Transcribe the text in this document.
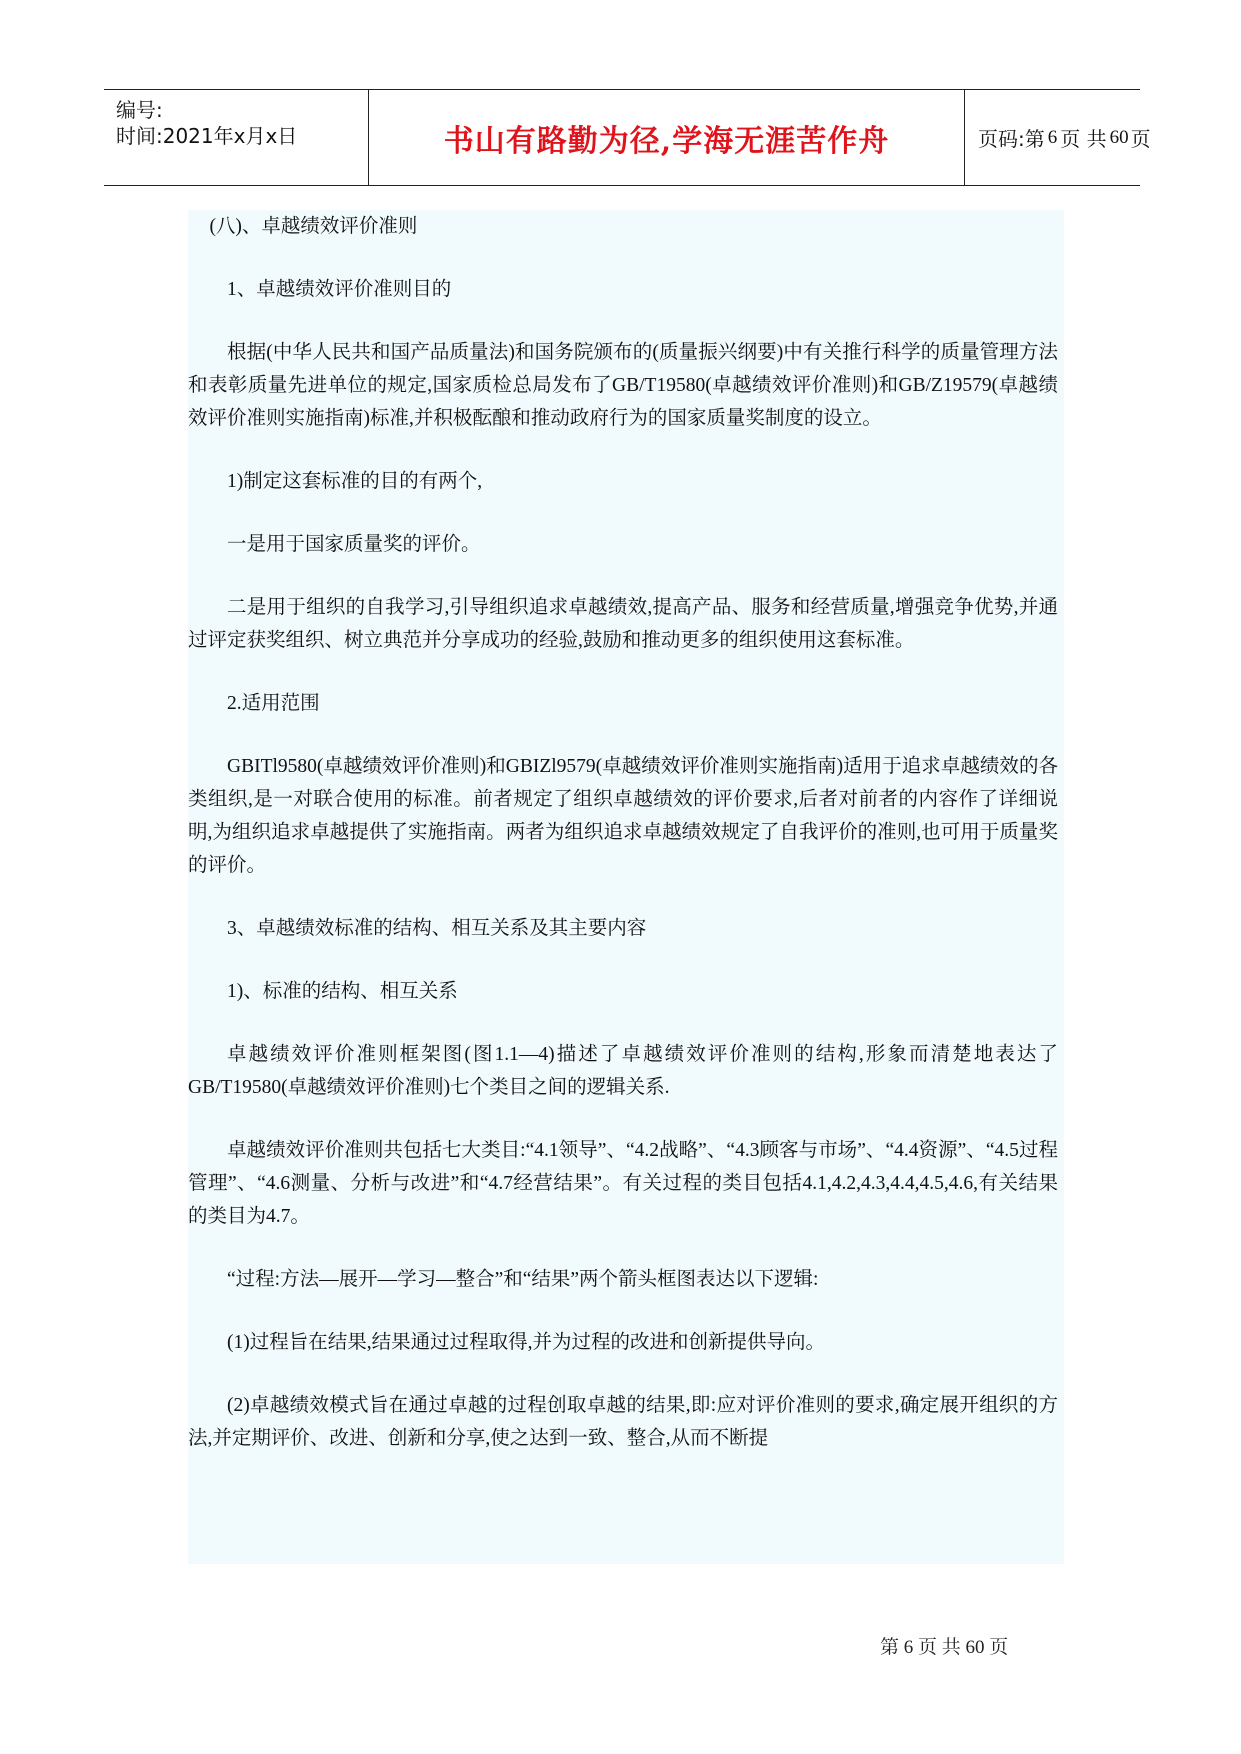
编号:
时间:2021年x月x日	书山有路勤为径,学海无涯苦作舟	页码:第 6 页 共 60 页

(八)、卓越绩效评价准则

1、卓越绩效评价准则目的

根据(中华人民共和国产品质量法)和国务院颁布的(质量振兴纲要)中有关推行科学的质量管理方法和表彰质量先进单位的规定,国家质检总局发布了GB/T19580(卓越绩效评价准则)和GB/Z19579(卓越绩效评价准则实施指南)标准,并积极酝酿和推动政府行为的国家质量奖制度的设立。

1)制定这套标准的目的有两个,

一是用于国家质量奖的评价。

二是用于组织的自我学习,引导组织追求卓越绩效,提高产品、服务和经营质量,增强竞争优势,并通过评定获奖组织、树立典范并分享成功的经验,鼓励和推动更多的组织使用这套标准。

2.适用范围

GBITl9580(卓越绩效评价准则)和GBIZl9579(卓越绩效评价准则实施指南)适用于追求卓越绩效的各类组织,是一对联合使用的标准。前者规定了组织卓越绩效的评价要求,后者对前者的内容作了详细说明,为组织追求卓越提供了实施指南。两者为组织追求卓越绩效规定了自我评价的准则,也可用于质量奖的评价。

3、卓越绩效标准的结构、相互关系及其主要内容

1)、标准的结构、相互关系

卓越绩效评价准则框架图(图1.1—4)描述了卓越绩效评价准则的结构,形象而清楚地表达了GB/T19580(卓越绩效评价准则)七个类目之间的逻辑关系.

卓越绩效评价准则共包括七大类目:“4.1领导”、“4.2战略”、“4.3顾客与市场”、“4.4资源”、“4.5过程管理”、“4.6测量、分析与改进”和“4.7经营结果”。有关过程的类目包括4.1,4.2,4.3,4.4,4.5,4.6,有关结果的类目为4.7。

“过程:方法—展开—学习—整合”和“结果”两个箭头框图表达以下逻辑:

(1)过程旨在结果,结果通过过程取得,并为过程的改进和创新提供导向。

(2)卓越绩效模式旨在通过卓越的过程创取卓越的结果,即:应对评价准则的要求,确定展开组织的方法,并定期评价、改进、创新和分享,使之达到一致、整合,从而不断提

第 6 页 共 60 页
